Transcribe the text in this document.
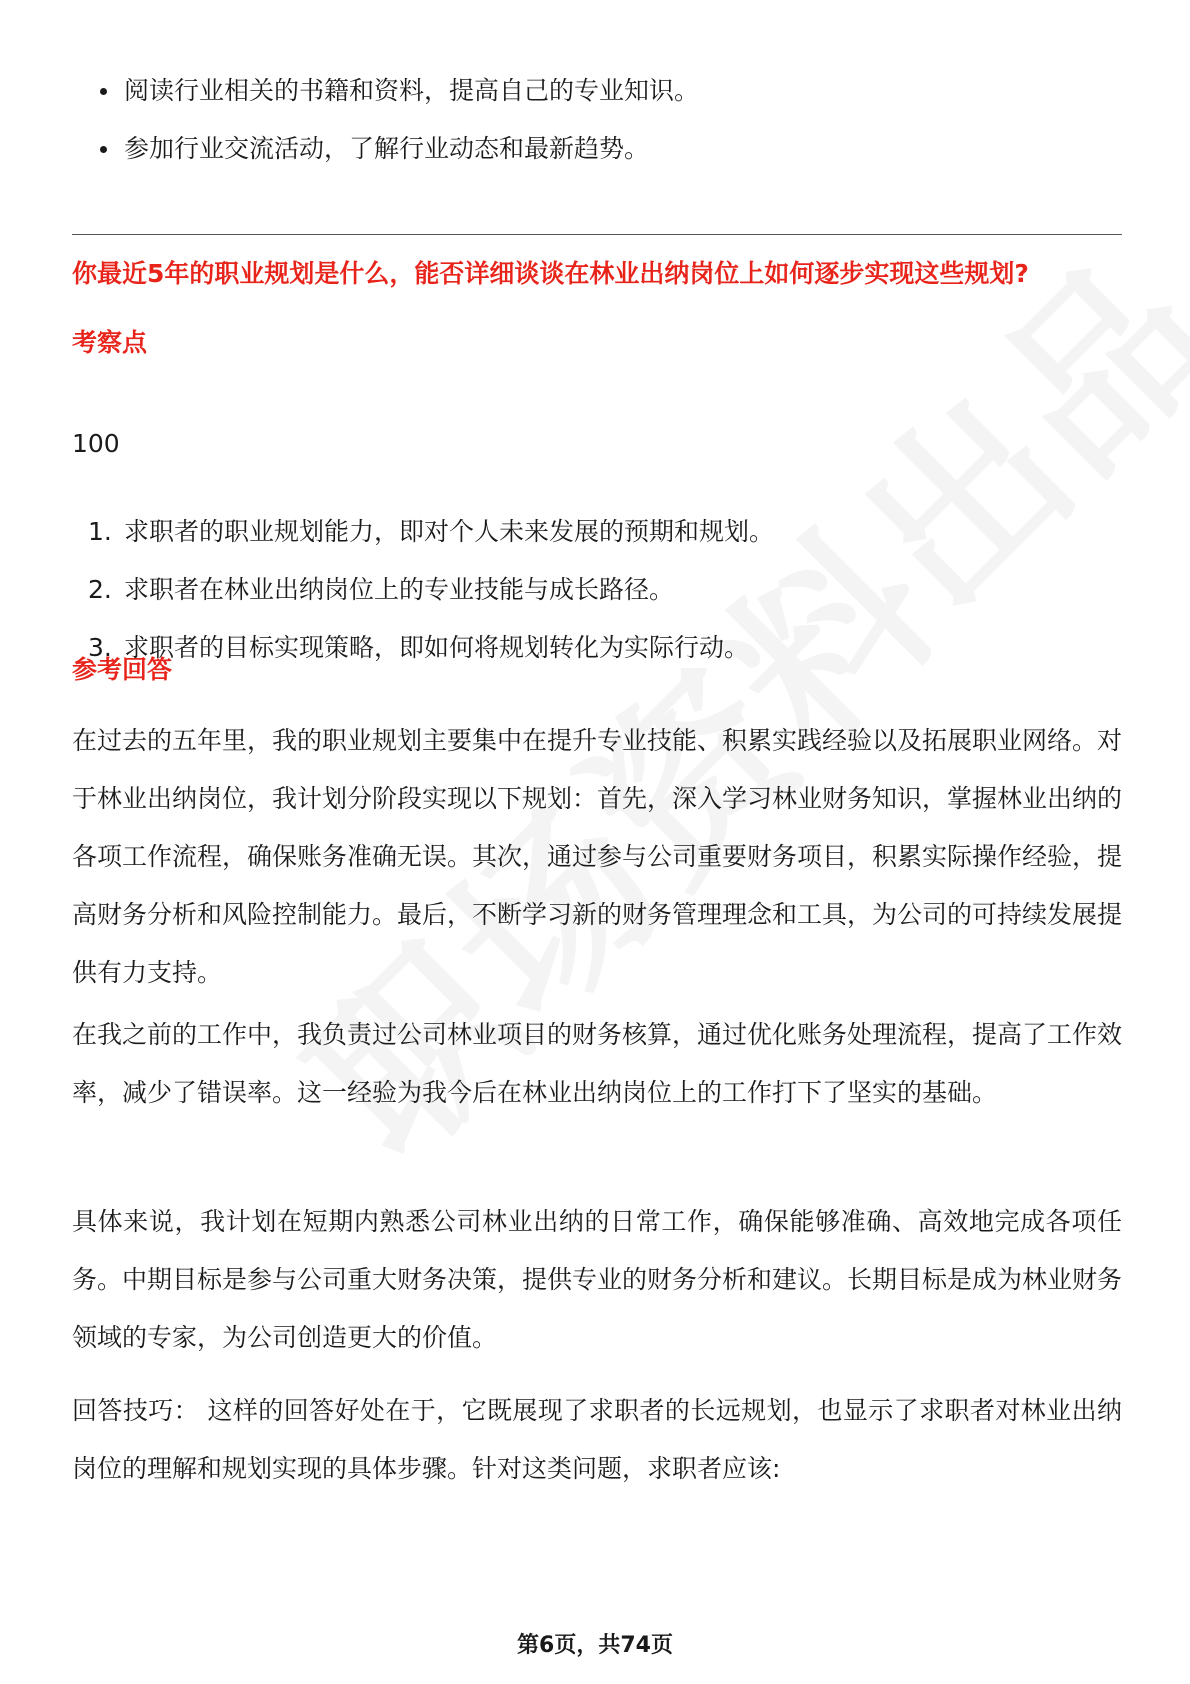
阅读行业相关的书籍和资料，提高自己的专业知识。
参加行业交流活动，了解行业动态和最新趋势。
你最近5年的职业规划是什么，能否详细谈谈在林业出纳岗位上如何逐步实现这些规划?
考察点
100
1. 求职者的职业规划能力，即对个人未来发展的预期和规划。
2. 求职者在林业出纳岗位上的专业技能与成长路径。
3. 求职者的目标实现策略，即如何将规划转化为实际行动。
参考回答

在过去的五年里，我的职业规划主要集中在提升专业技能、积累实践经验以及拓展职业网络。对于林业出纳岗位，我计划分阶段实现以下规划：首先，深入学习林业财务知识，掌握林业出纳的各项工作流程，确保账务准确无误。其次，通过参与公司重要财务项目，积累实际操作经验，提高财务分析和风险控制能力。最后，不断学习新的财务管理理念和工具，为公司的可持续发展提供有力支持。

在我之前的工作中，我负责过公司林业项目的财务核算，通过优化账务处理流程，提高了工作效率，减少了错误率。这一经验为我今后在林业出纳岗位上的工作打下了坚实的基础。

具体来说，我计划在短期内熟悉公司林业出纳的日常工作，确保能够准确、高效地完成各项任务。中期目标是参与公司重大财务决策，提供专业的财务分析和建议。长期目标是成为林业财务领域的专家，为公司创造更大的价值。

回答技巧： 这样的回答好处在于，它既展现了求职者的长远规划，也显示了求职者对林业出纳岗位的理解和规划实现的具体步骤。针对这类问题，求职者应该:

第6页，共74页
